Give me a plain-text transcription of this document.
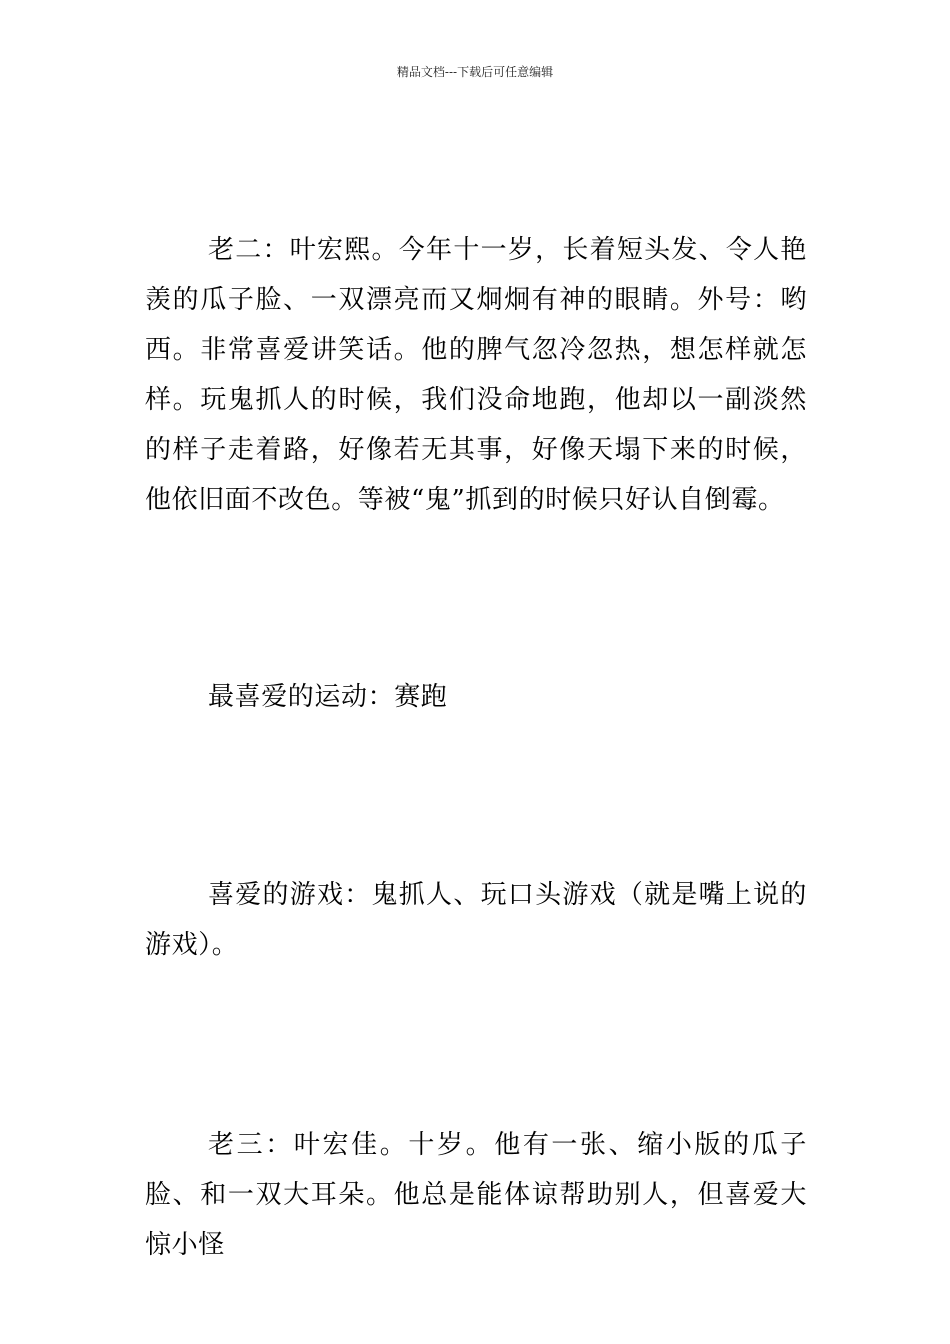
精品文档---下载后可任意编辑

老二：叶宏熙。今年十一岁，长着短头发、令人艳羡的瓜子脸、一双漂亮而又炯炯有神的眼睛。外号：哟西。非常喜爱讲笑话。他的脾气忽冷忽热，想怎样就怎样。玩鬼抓人的时候，我们没命地跑，他却以一副淡然的样子走着路，好像若无其事，好像天塌下来的时候，他依旧面不改色。等被“鬼”抓到的时候只好认自倒霉。

最喜爱的运动：赛跑

喜爱的游戏：鬼抓人、玩口头游戏（就是嘴上说的游戏）。

老三：叶宏佳。十岁。他有一张、缩小版的瓜子脸、和一双大耳朵。他总是能体谅帮助别人，但喜爱大惊小怪
